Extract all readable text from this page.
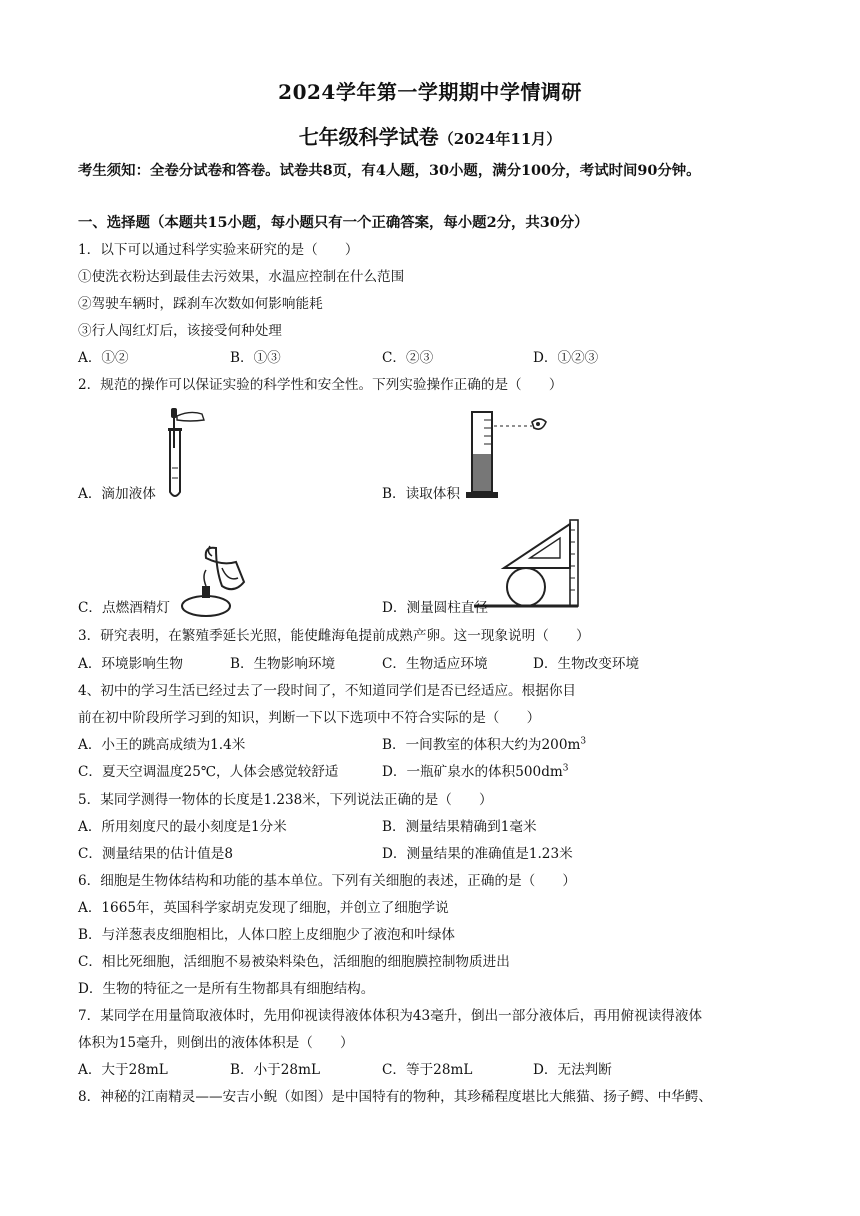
2024学年第一学期期中学情调研
七年级科学试卷（2024年11月）
考生须知：全卷分试卷和答卷。试卷共8页，有4人题，30小题，满分100分，考试时间90分钟。
一、选择题（本题共15小题，每小题只有一个正确答案，每小题2分，共30分）
1．以下可以通过科学实验来研究的是（　　）
①使洗衣粉达到最佳去污效果，水温应控制在什么范围
②驾驶车辆时，踩刹车次数如何影响能耗
③行人闯红灯后，该接受何种处理
A．①②	B．①③	C．②③	D．①②③
2．规范的操作可以保证实验的科学性和安全性。下列实验操作正确的是（　　）
A．滴加液体	B．读取体积
C．点燃酒精灯	D．测量圆柱直径
3．研究表明，在繁殖季延长光照，能使雌海龟提前成熟产卵。这一现象说明（　　）
A．环境影响生物	B．生物影响环境	C．生物适应环境	D．生物改变环境
4、初中的学习生活已经过去了一段时间了，不知道同学们是否已经适应。根据你目
前在初中阶段所学习到的知识，判断一下以下选项中不符合实际的是（　　）
A．小王的跳高成绩为1.4米	B．一间教室的体积大约为$200m^3$
C．夏天空调温度25℃，人体会感觉较舒适	D．一瓶矿泉水的体积$500dm^3$
5．某同学测得一物体的长度是1.238米，下列说法正确的是（　　）
A．所用刻度尺的最小刻度是1分米	B．测量结果精确到1毫米
C．测量结果的估计值是8	D．测量结果的准确值是1.23米
6．细胞是生物体结构和功能的基本单位。下列有关细胞的表述，正确的是（　　）
A．1665年，英国科学家胡克发现了细胞，并创立了细胞学说
B．与洋葱表皮细胞相比，人体口腔上皮细胞少了液泡和叶绿体
C．相比死细胞，活细胞不易被染料染色，活细胞的细胞膜控制物质进出
D．生物的特征之一是所有生物都具有细胞结构。
7．某同学在用量筒取液体时，先用仰视读得液体体积为43毫升，倒出一部分液体后，再用俯视读得液体
体积为15毫升，则倒出的液体体积是（　　）
A．大于28mL	B．小于28mL	C．等于28mL	D．无法判断
8．神秘的江南精灵——安吉小鲵（如图）是中国特有的物种，其珍稀程度堪比大熊猫、扬子鳄、中华鳄、
